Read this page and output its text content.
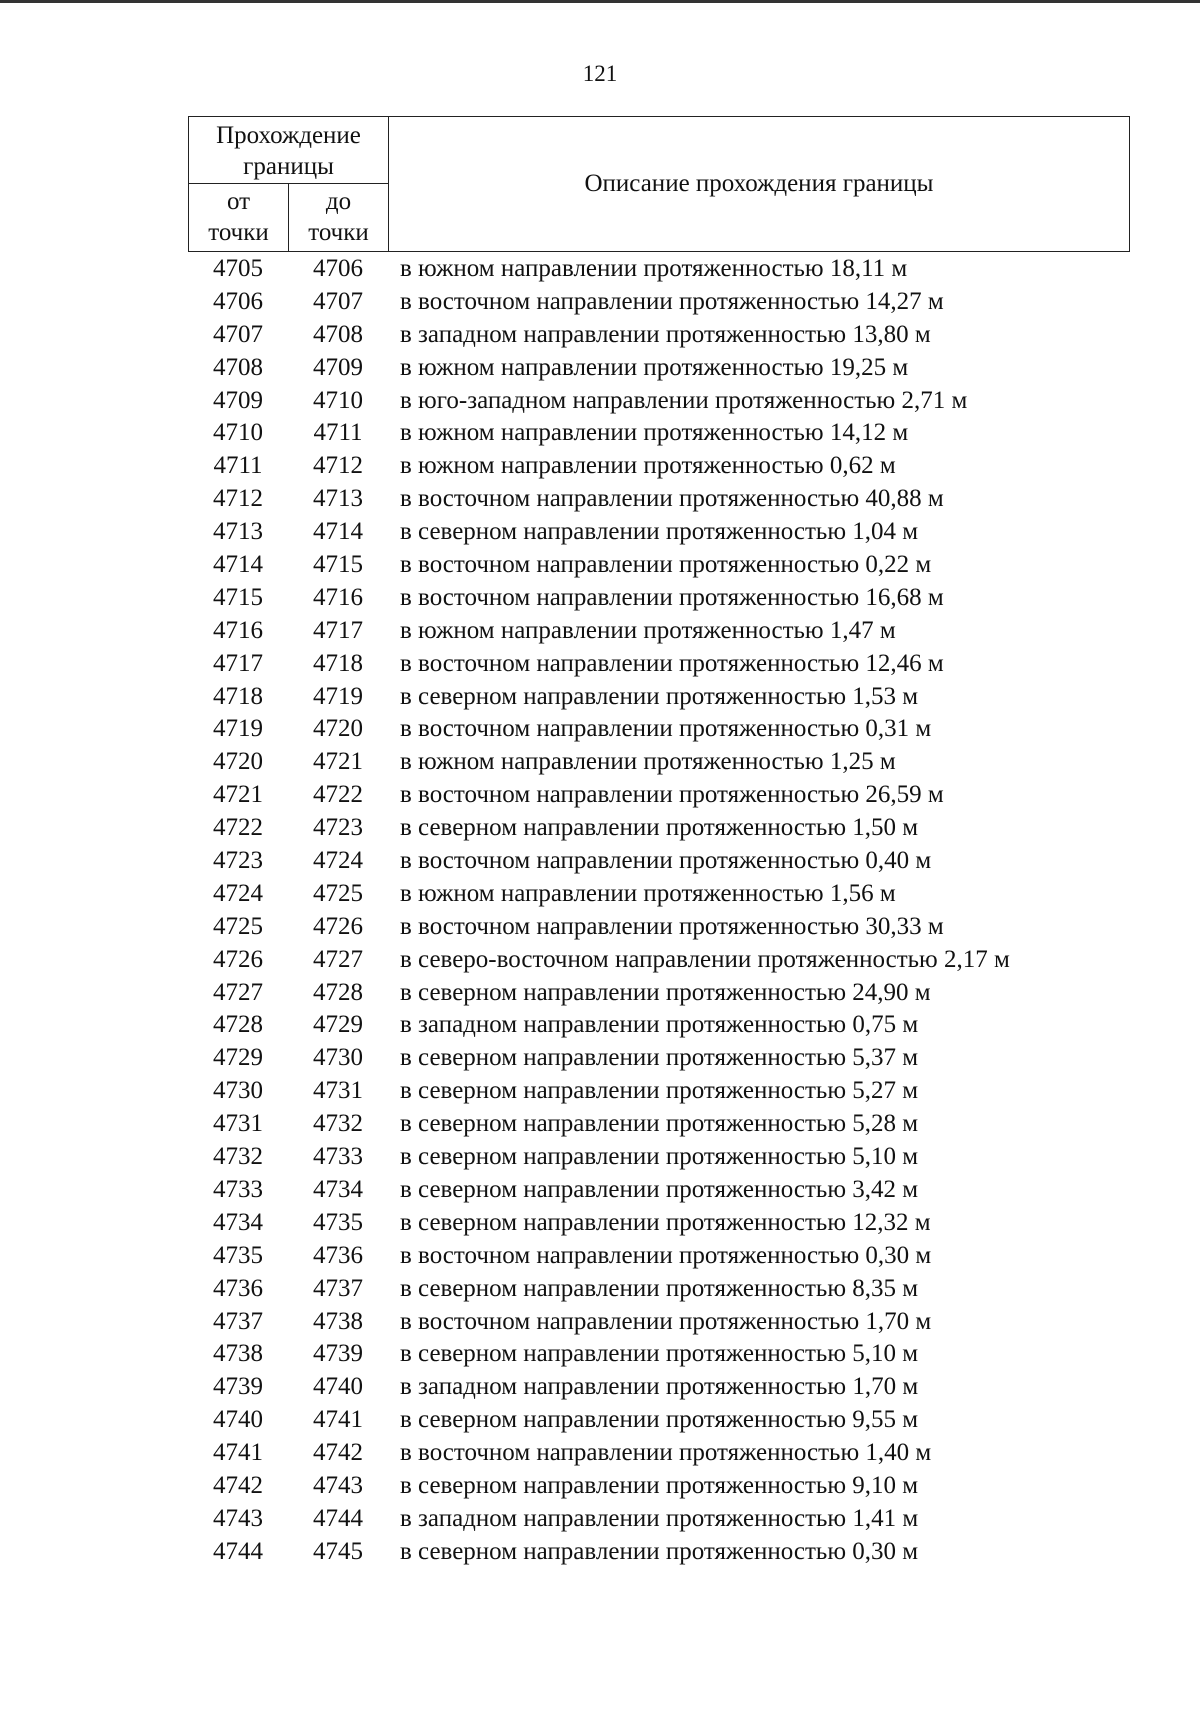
121
Прохождение
границы
от
точки
до
точки
Описание прохождения границы
4705	4706	в южном направлении протяженностью 18,11 м
4706	4707	в восточном направлении протяженностью 14,27 м
4707	4708	в западном направлении протяженностью 13,80 м
4708	4709	в южном направлении протяженностью 19,25 м
4709	4710	в юго-западном направлении протяженностью 2,71 м
4710	4711	в южном направлении протяженностью 14,12 м
4711	4712	в южном направлении протяженностью 0,62 м
4712	4713	в восточном направлении протяженностью 40,88 м
4713	4714	в северном направлении протяженностью 1,04 м
4714	4715	в восточном направлении протяженностью 0,22 м
4715	4716	в восточном направлении протяженностью 16,68 м
4716	4717	в южном направлении протяженностью 1,47 м
4717	4718	в восточном направлении протяженностью 12,46 м
4718	4719	в северном направлении протяженностью 1,53 м
4719	4720	в восточном направлении протяженностью 0,31 м
4720	4721	в южном направлении протяженностью 1,25 м
4721	4722	в восточном направлении протяженностью 26,59 м
4722	4723	в северном направлении протяженностью 1,50 м
4723	4724	в восточном направлении протяженностью 0,40 м
4724	4725	в южном направлении протяженностью 1,56 м
4725	4726	в восточном направлении протяженностью 30,33 м
4726	4727	в северо-восточном направлении протяженностью 2,17 м
4727	4728	в северном направлении протяженностью 24,90 м
4728	4729	в западном направлении протяженностью 0,75 м
4729	4730	в северном направлении протяженностью 5,37 м
4730	4731	в северном направлении протяженностью 5,27 м
4731	4732	в северном направлении протяженностью 5,28 м
4732	4733	в северном направлении протяженностью 5,10 м
4733	4734	в северном направлении протяженностью 3,42 м
4734	4735	в северном направлении протяженностью 12,32 м
4735	4736	в восточном направлении протяженностью 0,30 м
4736	4737	в северном направлении протяженностью 8,35 м
4737	4738	в восточном направлении протяженностью 1,70 м
4738	4739	в северном направлении протяженностью 5,10 м
4739	4740	в западном направлении протяженностью 1,70 м
4740	4741	в северном направлении протяженностью 9,55 м
4741	4742	в восточном направлении протяженностью 1,40 м
4742	4743	в северном направлении протяженностью 9,10 м
4743	4744	в западном направлении протяженностью 1,41 м
4744	4745	в северном направлении протяженностью 0,30 м
